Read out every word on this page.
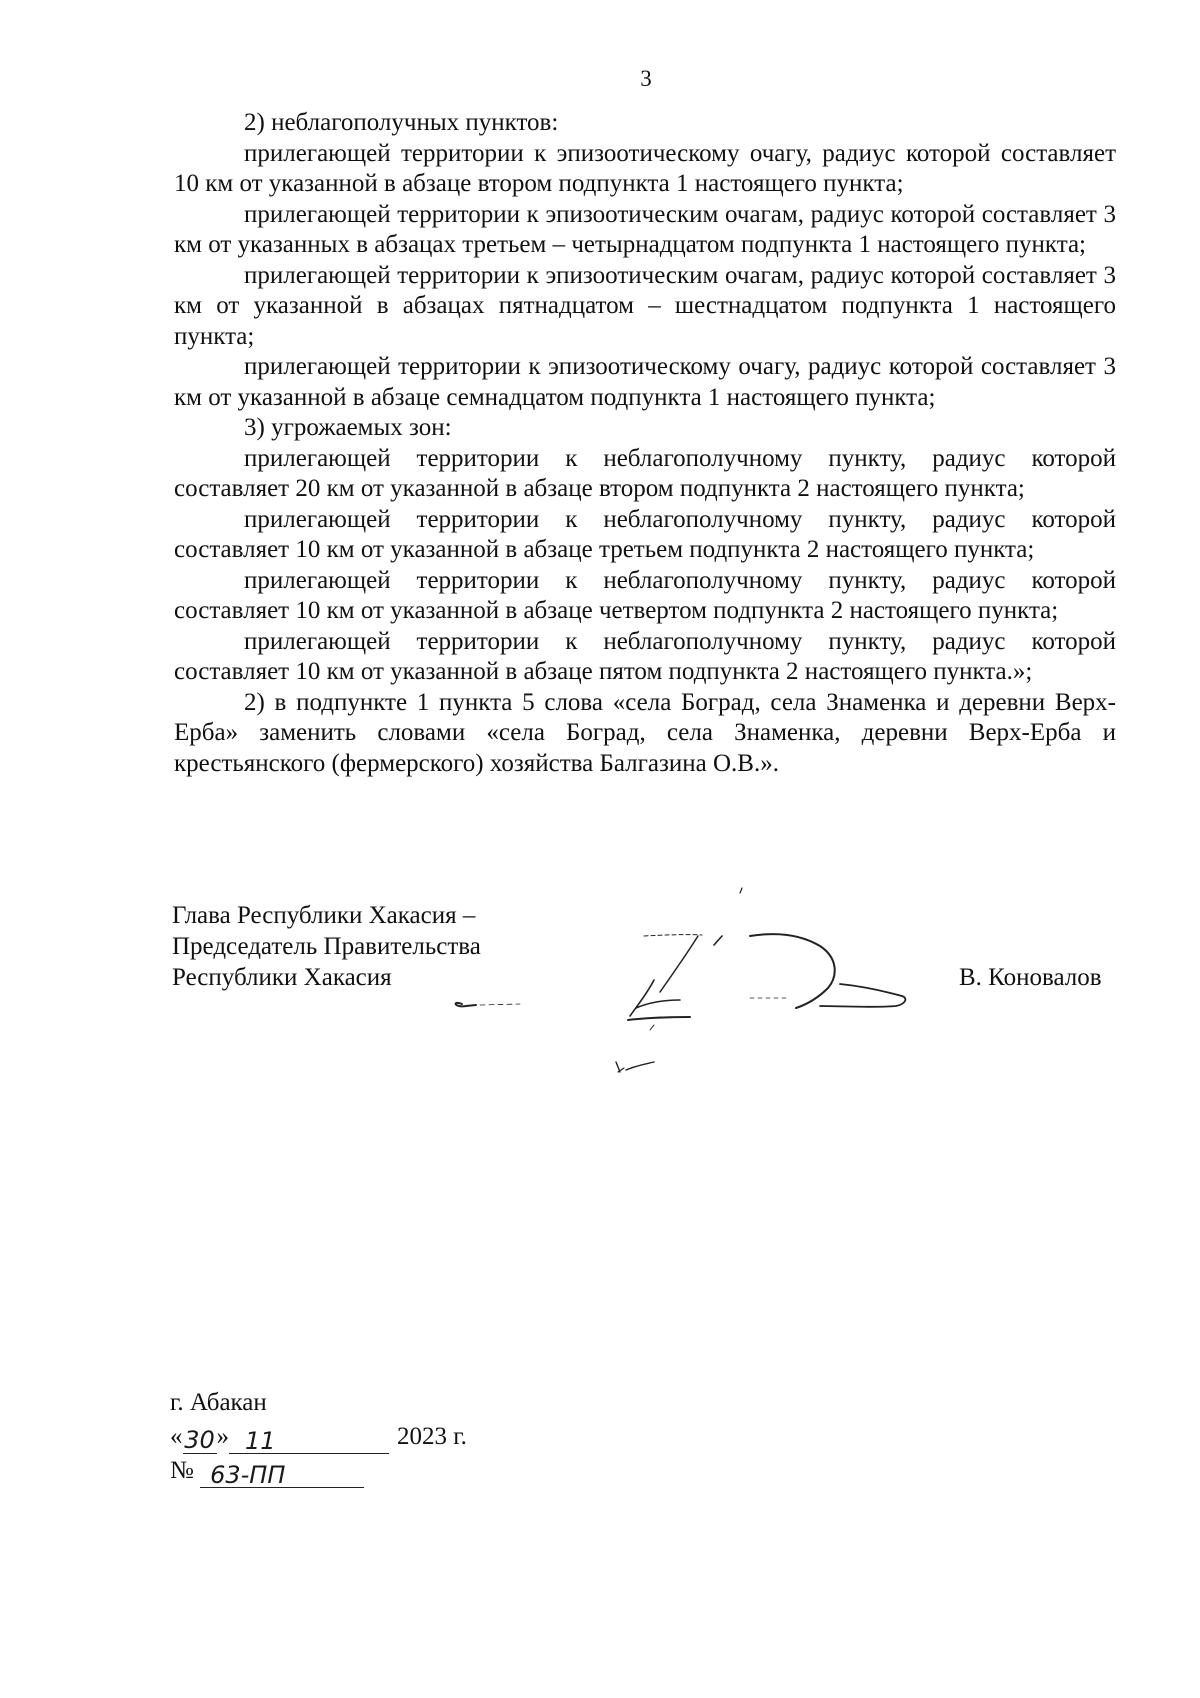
3

2) неблагополучных пунктов:

прилегающей территории к эпизоотическому очагу, радиус которой составляет 10 км от указанной в абзаце втором подпункта 1 настоящего пункта;

прилегающей территории к эпизоотическим очагам, радиус которой составляет 3 км от указанных в абзацах третьем – четырнадцатом подпункта 1 настоящего пункта;

прилегающей территории к эпизоотическим очагам, радиус которой составляет 3 км от указанной в абзацах пятнадцатом – шестнадцатом подпункта 1 настоящего пункта;

прилегающей территории к эпизоотическому очагу, радиус которой составляет 3 км от указанной в абзаце семнадцатом подпункта 1 настоящего пункта;

3) угрожаемых зон:

прилегающей территории к неблагополучному пункту, радиус которой составляет 20 км от указанной в абзаце втором подпункта 2 настоящего пункта;

прилегающей территории к неблагополучному пункту, радиус которой составляет 10 км от указанной в абзаце третьем подпункта 2 настоящего пункта;

прилегающей территории к неблагополучному пункту, радиус которой составляет 10 км от указанной в абзаце четвертом подпункта 2 настоящего пункта;

прилегающей территории к неблагополучному пункту, радиус которой составляет 10 км от указанной в абзаце пятом подпункта 2 настоящего пункта.»;

2) в подпункте 1 пункта 5 слова «села Боград, села Знаменка и деревни Верх-Ерба» заменить словами «села Боград, села Знаменка, деревни Верх-Ерба и крестьянского (фермерского) хозяйства Балгазина О.В.».

Глава Республики Хакасия –
Председатель Правительства
Республики Хакасия	В. Коновалов
г. Абакан
«30» 11	2023 г.
№ 63-ПП
